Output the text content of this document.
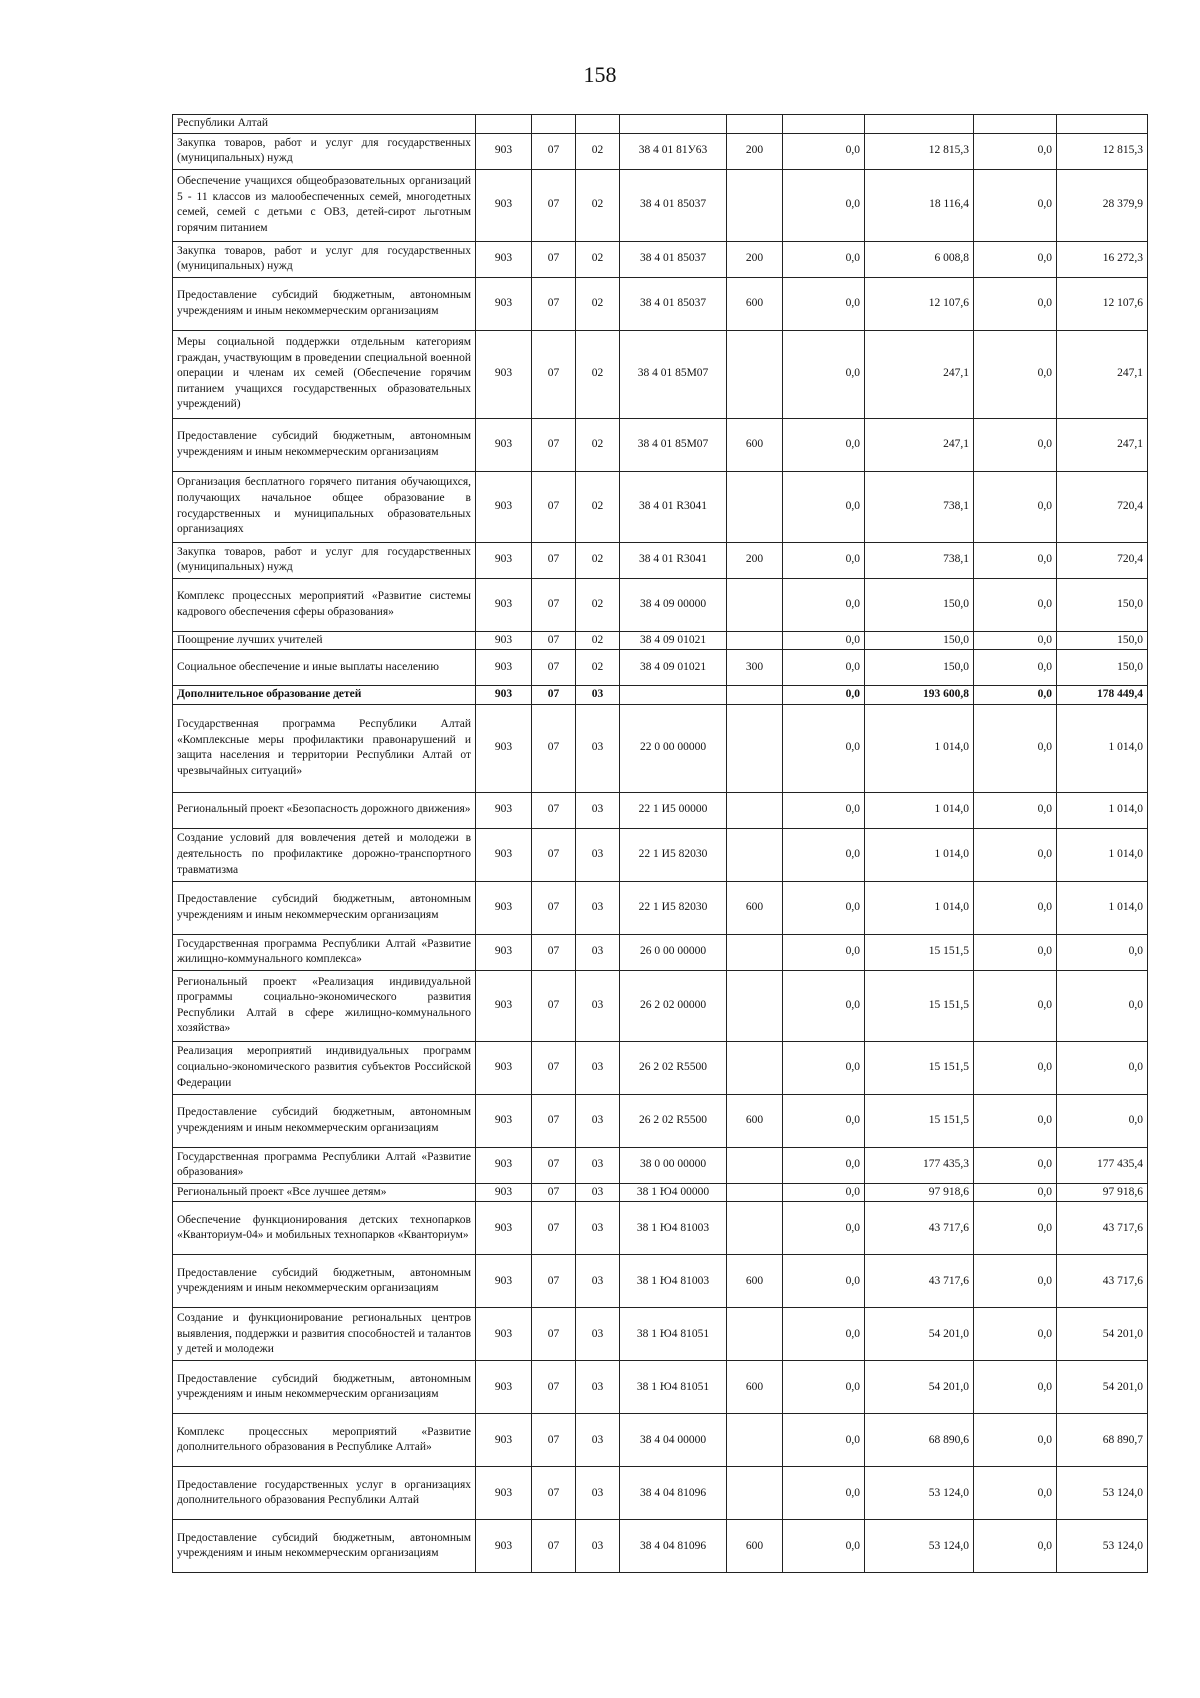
158
Республики Алтай									
Закупка товаров, работ и услуг для государственных (муниципальных) нужд	903	07	02	38 4 01 81У63	200	0,0	12 815,3	0,0	12 815,3
Обеспечение учащихся общеобразовательных организаций 5 - 11 классов из малообеспеченных семей, многодетных семей, семей с детьми с ОВЗ, детей-сирот льготным горячим питанием	903	07	02	38 4 01 85037		0,0	18 116,4	0,0	28 379,9
Закупка товаров, работ и услуг для государственных (муниципальных) нужд	903	07	02	38 4 01 85037	200	0,0	6 008,8	0,0	16 272,3
Предоставление субсидий бюджетным, автономным учреждениям и иным некоммерческим организациям	903	07	02	38 4 01 85037	600	0,0	12 107,6	0,0	12 107,6
Меры социальной поддержки отдельным категориям граждан, участвующим в проведении специальной военной операции и членам их семей (Обеспечение горячим питанием учащихся государственных образовательных учреждений)	903	07	02	38 4 01 85М07		0,0	247,1	0,0	247,1
Предоставление субсидий бюджетным, автономным учреждениям и иным некоммерческим организациям	903	07	02	38 4 01 85М07	600	0,0	247,1	0,0	247,1
Организация бесплатного горячего питания обучающихся, получающих начальное общее образование в государственных и муниципальных образовательных организациях	903	07	02	38 4 01 R3041		0,0	738,1	0,0	720,4
Закупка товаров, работ и услуг для государственных (муниципальных) нужд	903	07	02	38 4 01 R3041	200	0,0	738,1	0,0	720,4
Комплекс процессных мероприятий «Развитие системы кадрового обеспечения сферы образования»	903	07	02	38 4 09 00000		0,0	150,0	0,0	150,0
Поощрение лучших учителей	903	07	02	38 4 09 01021		0,0	150,0	0,0	150,0
Социальное обеспечение и иные выплаты населению	903	07	02	38 4 09 01021	300	0,0	150,0	0,0	150,0
Дополнительное образование детей	903	07	03			0,0	193 600,8	0,0	178 449,4
Государственная программа Республики Алтай «Комплексные меры профилактики правонарушений и защита населения и территории Республики Алтай от чрезвычайных ситуаций»	903	07	03	22 0 00 00000		0,0	1 014,0	0,0	1 014,0
Региональный проект «Безопасность дорожного движения»	903	07	03	22 1 И5 00000		0,0	1 014,0	0,0	1 014,0
Создание условий для вовлечения детей и молодежи в деятельность по профилактике дорожно-транспортного травматизма	903	07	03	22 1 И5 82030		0,0	1 014,0	0,0	1 014,0
Предоставление субсидий бюджетным, автономным учреждениям и иным некоммерческим организациям	903	07	03	22 1 И5 82030	600	0,0	1 014,0	0,0	1 014,0
Государственная программа Республики Алтай «Развитие жилищно-коммунального комплекса»	903	07	03	26 0 00 00000		0,0	15 151,5	0,0	0,0
Региональный проект «Реализация индивидуальной программы социально-экономического развития Республики Алтай в сфере жилищно-коммунального хозяйства»	903	07	03	26 2 02 00000		0,0	15 151,5	0,0	0,0
Реализация мероприятий индивидуальных программ социально-экономического развития субъектов Российской Федерации	903	07	03	26 2 02 R5500		0,0	15 151,5	0,0	0,0
Предоставление субсидий бюджетным, автономным учреждениям и иным некоммерческим организациям	903	07	03	26 2 02 R5500	600	0,0	15 151,5	0,0	0,0
Государственная программа Республики Алтай «Развитие образования»	903	07	03	38 0 00 00000		0,0	177 435,3	0,0	177 435,4
Региональный проект «Все лучшее детям»	903	07	03	38 1 Ю4 00000		0,0	97 918,6	0,0	97 918,6
Обеспечение функционирования детских технопарков «Кванториум-04» и мобильных технопарков «Кванториум»	903	07	03	38 1 Ю4 81003		0,0	43 717,6	0,0	43 717,6
Предоставление субсидий бюджетным, автономным учреждениям и иным некоммерческим организациям	903	07	03	38 1 Ю4 81003	600	0,0	43 717,6	0,0	43 717,6
Создание и функционирование региональных центров выявления, поддержки и развития способностей и талантов у детей и молодежи	903	07	03	38 1 Ю4 81051		0,0	54 201,0	0,0	54 201,0
Предоставление субсидий бюджетным, автономным учреждениям и иным некоммерческим организациям	903	07	03	38 1 Ю4 81051	600	0,0	54 201,0	0,0	54 201,0
Комплекс процессных мероприятий «Развитие дополнительного образования в Республике Алтай»	903	07	03	38 4 04 00000		0,0	68 890,6	0,0	68 890,7
Предоставление государственных услуг в организациях дополнительного образования Республики Алтай	903	07	03	38 4 04 81096		0,0	53 124,0	0,0	53 124,0
Предоставление субсидий бюджетным, автономным учреждениям и иным некоммерческим организациям	903	07	03	38 4 04 81096	600	0,0	53 124,0	0,0	53 124,0
